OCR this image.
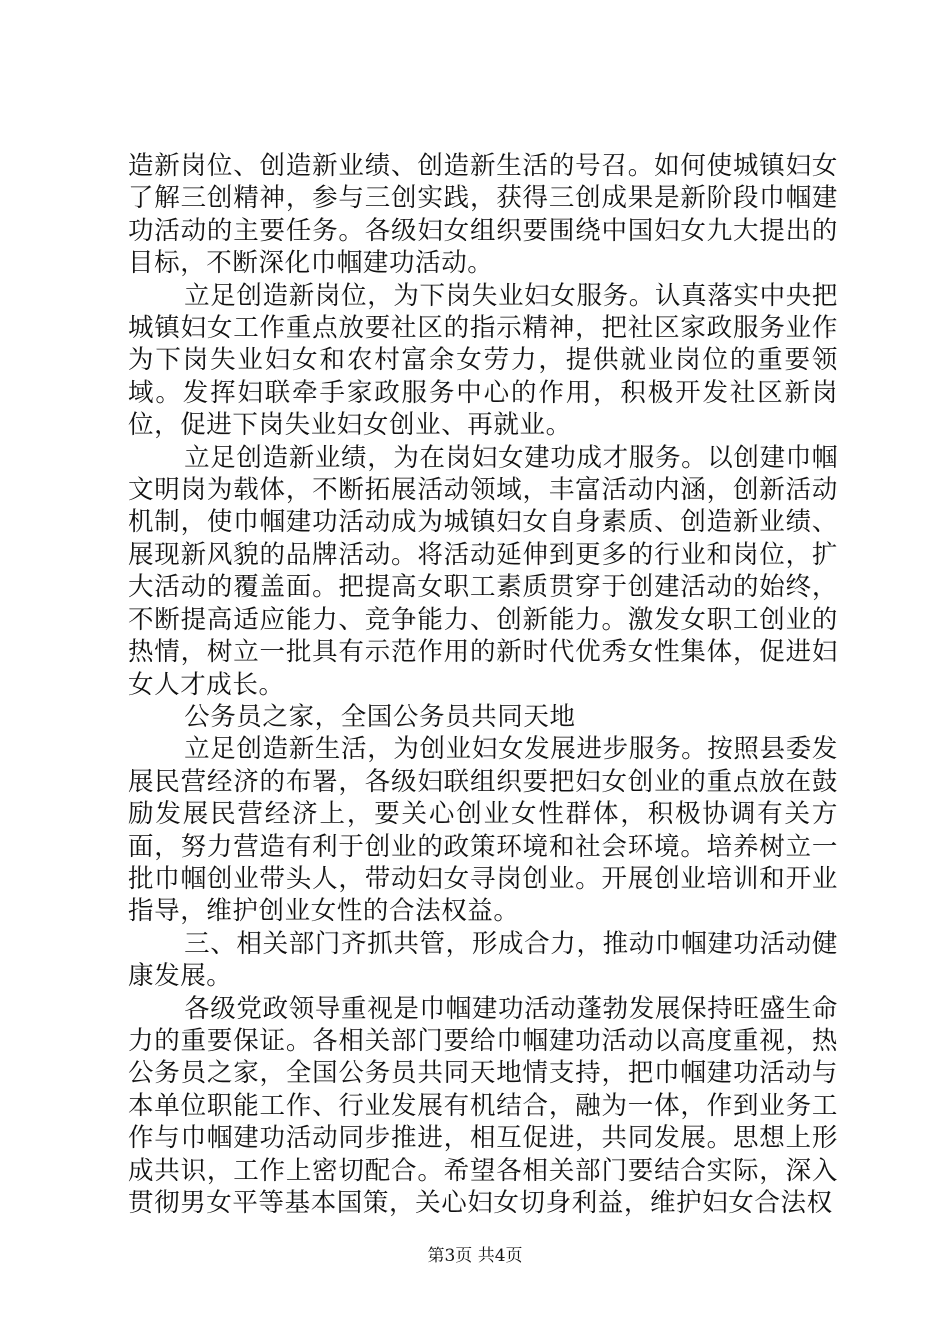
造新岗位、创造新业绩、创造新生活的号召。如何使城镇妇女了解三创精神，参与三创实践，获得三创成果是新阶段巾帼建功活动的主要任务。各级妇女组织要围绕中国妇女九大提出的目标，不断深化巾帼建功活动。

立足创造新岗位，为下岗失业妇女服务。认真落实中央把城镇妇女工作重点放要社区的指示精神，把社区家政服务业作为下岗失业妇女和农村富余女劳力，提供就业岗位的重要领域。发挥妇联牵手家政服务中心的作用，积极开发社区新岗位，促进下岗失业妇女创业、再就业。

立足创造新业绩，为在岗妇女建功成才服务。以创建巾帼文明岗为载体，不断拓展活动领域，丰富活动内涵，创新活动机制，使巾帼建功活动成为城镇妇女自身素质、创造新业绩、展现新风貌的品牌活动。将活动延伸到更多的行业和岗位，扩大活动的覆盖面。把提高女职工素质贯穿于创建活动的始终，不断提高适应能力、竞争能力、创新能力。激发女职工创业的热情，树立一批具有示范作用的新时代优秀女性集体，促进妇女人才成长。

公务员之家，全国公务员共同天地

立足创造新生活，为创业妇女发展进步服务。按照县委发展民营经济的布署，各级妇联组织要把妇女创业的重点放在鼓励发展民营经济上，要关心创业女性群体，积极协调有关方面，努力营造有利于创业的政策环境和社会环境。培养树立一批巾帼创业带头人，带动妇女寻岗创业。开展创业培训和开业指导，维护创业女性的合法权益。

三、相关部门齐抓共管，形成合力，推动巾帼建功活动健康发展。

各级党政领导重视是巾帼建功活动蓬勃发展保持旺盛生命力的重要保证。各相关部门要给巾帼建功活动以高度重视，热公务员之家，全国公务员共同天地情支持，把巾帼建功活动与本单位职能工作、行业发展有机结合，融为一体，作到业务工作与巾帼建功活动同步推进，相互促进，共同发展。思想上形成共识，工作上密切配合。希望各相关部门要结合实际，深入贯彻男女平等基本国策，关心妇女切身利益，维护妇女合法权

第3页 共4页
